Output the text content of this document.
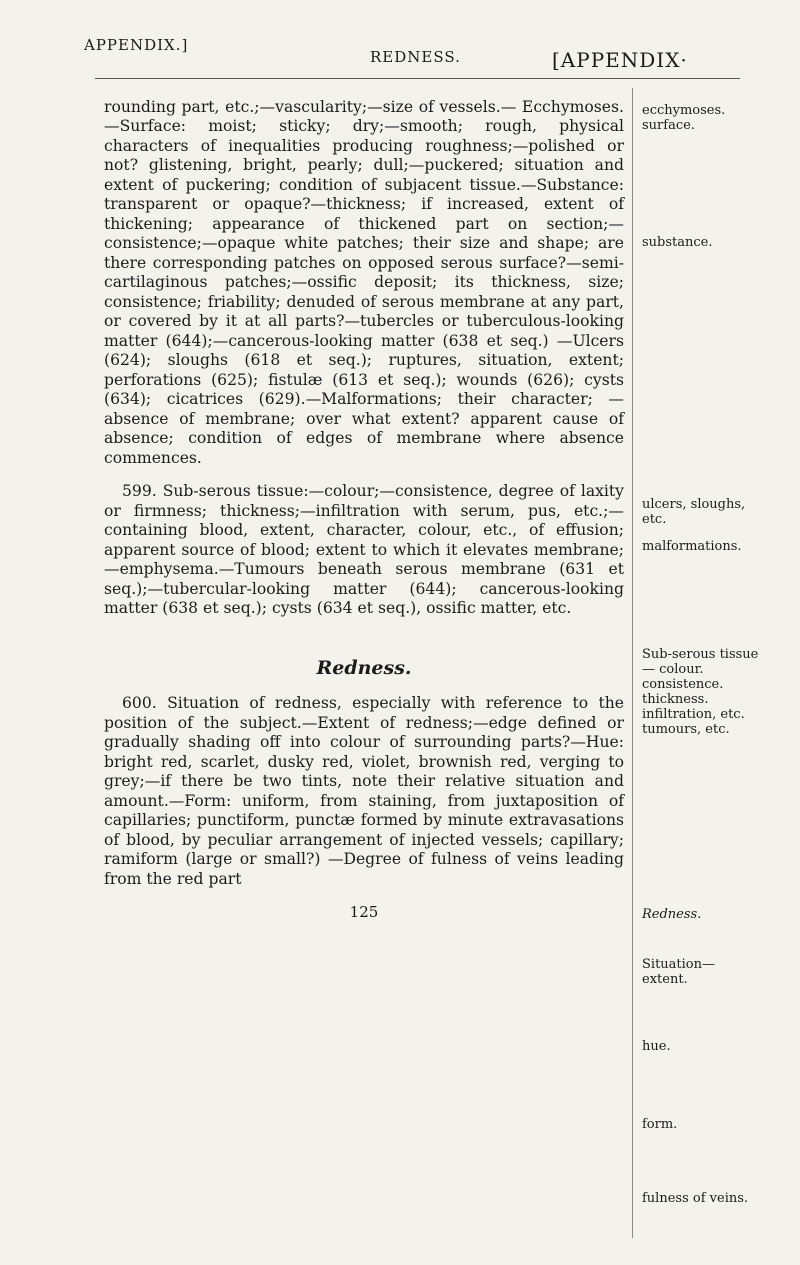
APPENDIX.]
REDNESS.	[APPENDIX·

rounding part, etc.;—vascularity;—size of vessels.— Ecchymoses.—Surface: moist; sticky; dry;—smooth; rough, physical characters of inequalities producing roughness;—polished or not? glistening, bright, pearly; dull;—puckered; situation and extent of puckering; condition of subjacent tissue.—Substance: transparent or opaque?—thickness; if increased, extent of thickening; appearance of thickened part on section;—consistence;—opaque white patches; their size and shape; are there corresponding patches on opposed serous surface?—semi-cartilaginous patches;—ossific deposit; its thickness, size; consistence; friability; denuded of serous membrane at any part, or covered by it at all parts?—tubercles or tuberculous-looking matter (644);—cancerous-looking matter (638 et seq.) —Ulcers (624); sloughs (618 et seq.); ruptures, situation, extent; perforations (625); fistulæ (613 et seq.); wounds (626); cysts (634); cicatrices (629).—Malformations; their character; —absence of membrane; over what extent? apparent cause of absence; condition of edges of membrane where absence commences.

599. Sub-serous tissue:—colour;—consistence, degree of laxity or firmness; thickness;—infiltration with serum, pus, etc.;—containing blood, extent, character, colour, etc., of effusion; apparent source of blood; extent to which it elevates membrane;—emphysema.—Tumours beneath serous membrane (631 et seq.);—tubercular-looking matter (644); cancerous-looking matter (638 et seq.); cysts (634 et seq.), ossific matter, etc.

Redness.

600. Situation of redness, especially with reference to the position of the subject.—Extent of redness;—edge defined or gradually shading off into colour of surrounding parts?—Hue: bright red, scarlet, dusky red, violet, brownish red, verging to grey;—if there be two tints, note their relative situation and amount.—Form: uniform, from staining, from juxtaposition of capillaries; punctiform, punctæ formed by minute extravasations of blood, by peculiar arrangement of injected vessels; capillary; ramiform (large or small?) —Degree of fulness of veins leading from the red part

125
ecchymoses. surface.
substance.
ulcers, sloughs, etc.
malformations.
Sub-serous tissue— colour. consistence. thickness. infiltration, etc. tumours, etc.
Redness.
Situation— extent.
hue.
form.
fulness of veins.
